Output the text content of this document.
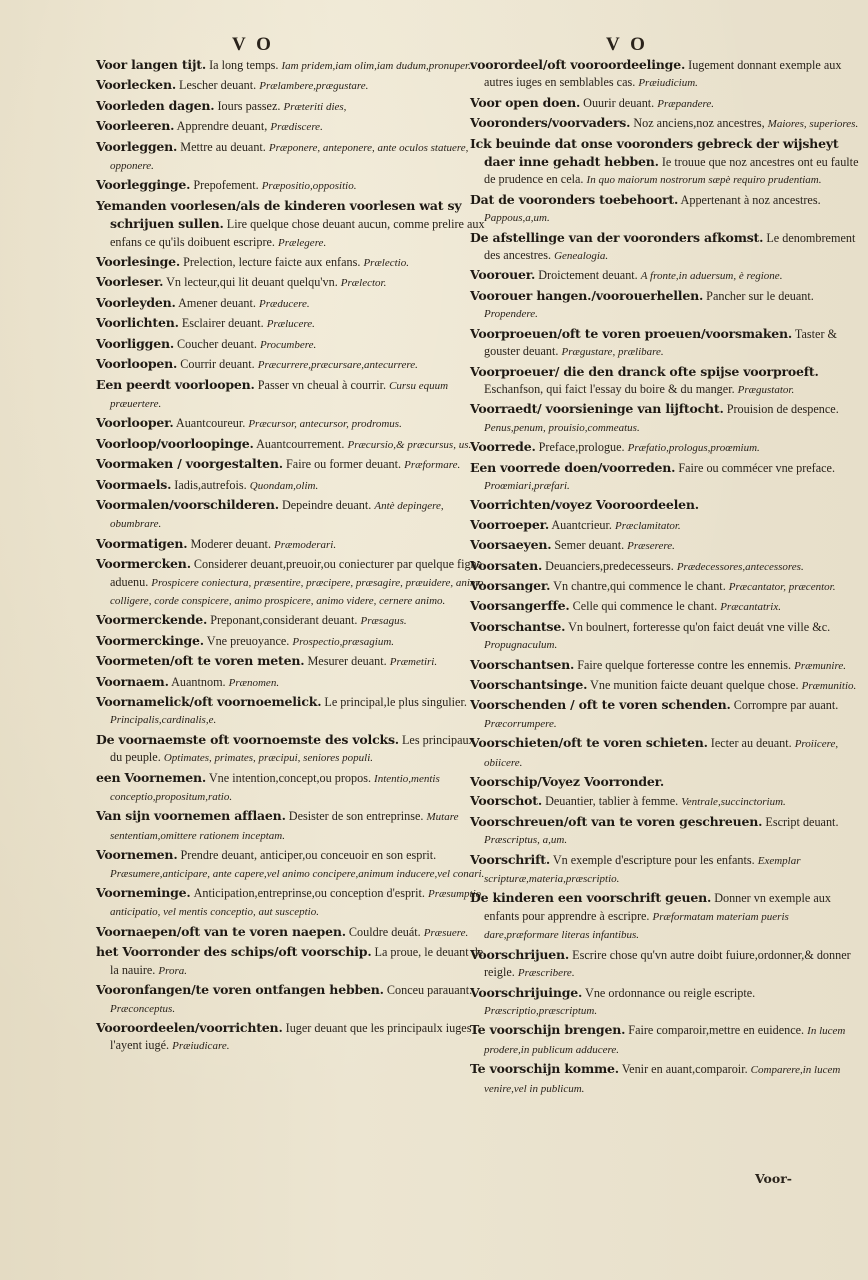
V O	V O
Voor langen tijt. Ia long temps. Iam pridem,iam olim,iam dudum,pronuper.
Voorlecken. Lescher deuant. Prælambere,prægustare.
Voorleden dagen. Iours passez. Præteriti dies,
Voorleeren. Apprendre deuant, Prædiscere.
Voorleggen. Mettre au deuant. Præponere, anteponere, ante oculos statuere, opponere.
Voorlegginge. Prepofement. Præpositio,oppositio.
Yemanden voorlesen/als de kinderen voorlesen wat sy schrijuen sullen. Lire quelque chose deuant aucun, comme prelire aux enfans ce qu'ils doibuent escripre. Prælegere.
Voorlesinge. Prelection, lecture faicte aux enfans. Prælectio.
Voorleser. Vn lecteur,qui lit deuant quelqu'vn. Prælector.
Voorleyden. Amener deuant. Præducere.
Voorlichten. Esclairer deuant. Prælucere.
Voorliggen. Coucher deuant. Procumbere.
Voorloopen. Courrir deuant. Præcurrere,præcursare,antecurrere.
Een peerdt voorloopen. Passer vn cheual à courrir. Cursu equum præuertere.
Voorlooper. Auantcoureur. Præcursor, antecursor, prodromus.
Voorloop/voorloopinge. Auantcourrement. Præcursio,& præcursus, us.
Voormaken / voorgestalten. Faire ou former deuant. Præformare.
Voormaels. Iadis,autrefois. Quondam,olim.
Voormalen/voorschilderen. Depeindre deuant. Antè depingere, obumbrare.
Voormatigen. Moderer deuant. Præmoderari.
Voormercken. Considerer deuant,preuoir,ou coniecturer par quelque figne aduenu. Prospicere coniecturа, præsentire, præcipere, præsagire, præuidere, animo colligere, corde conspicere, animo prospicere, animo videre, cernere animo.
Voormerckende. Preponant,considerant deuant. Præsagus.
Voormerckinge. Vne preuoyance. Prospectio,præsagium.
Voormeten/oft te voren meten. Mesurer deuant. Præmetiri.
Voornaem. Auantnom. Prænomen.
Voornamelick/oft voornoemelick. Le principal,le plus singulier. Principalis,cardinalis,e.
De voornaemste oft voornoemste des volcks. Les principaux du peuple. Optimates, primates, præcipui, seniores populi.
een Voornemen. Vne intention,concept,ou propos. Intentio,mentis conceptio,propositum,ratio.
Van sijn voornemen afflaen. Desister de son entreprinse. Mutare sententiam,omittere rationem inceptam.
Voornemen. Prendre deuant, anticiper,ou conceuoir en son esprit. Præsumere,anticipare, ante capere,vel animo concipere,animum inducere,vel conari.
Voornemingе. Anticipation,entreprinse,ou conception d'esprit. Præsumptio, anticipatio, vel mentis conceptio, aut susceptio.
Voornaepen/oft van te voren naepen. Couldre deuát. Præsuere.
het Voorronder des schips/oft voorschip. La proue, le deuant de la nauire. Prora.
Vooronfangen/te voren ontfangen hebben. Conceu parauant. Præconceptus.
Vooroordeelen/voorrichten. Iuger deuant que les principaulx iuges l'ayent iugé. Præiudicare.
voorordeel/oft vooroordeelinge. Iugement donnant exemple aux autres iuges en semblables cas. Præiudicium.
Voor open doen. Ouurir deuant. Præpandere.
Vooronders/voorvaders. Noz anciens,noz ancestres, Maiores, superiores.
Ick beuinde dat onse vooronders gebreck der wijsheyt daer inne gehadt hebben. Ie trouue que noz ancestres ont eu faulte de prudence en cela. In quo maiorum nostrorum sæpè requiro prudentiam.
Dat de vooronders toebehoort. Appertenant à noz ancestres. Pappous,a,um.
De afstellinge van der vooronders afkomst. Le denombrement des ancestres. Genealogia.
Voorouer. Droictement deuant. A fronte,in aduersum, è regione.
Voorouer hangen./voorouerhellen. Pancher sur le deuant. Propendere.
Voorproeuen/oft te voren proeuen/voorsmaken. Taster & gouster deuant. Prægustare, prælibare.
Voorproeuer/ die den dranck ofte spijse voorproeft. Eschanfson, qui faict l'essay du boire & du manger. Prægustator.
Voorraedt/ voorsieninge van lijftocht. Prouision de despence. Penus,penum, prouisio,commeatus.
Voorrede. Preface,prologue. Præfatio,prologus,proœmium.
Een voorrede doen/voorreden. Faire ou commécer vne preface. Proœmiari,præfari.
Voorrichten/voyez Vooroordeelen.
Voorroeper. Auantcrieur. Præclamitator.
Voorsaeyen. Semer deuant. Præserere.
Voorsaten. Deuanciers,predecesseurs. Prædecessores,antecessores.
Voorsanger. Vn chantre,qui commence le chant. Præcantator, præcentor.
Voorsangerffe. Celle qui commence le chant. Præcantatrix.
Voorschantse. Vn boulnert, forteresse qu'on faict deuát vne ville &c. Propugnaculum.
Voorschantsen. Faire quelque forteresse contre les ennemis. Præmunire.
Voorschantsinge. Vne munition faicte deuant quelque chose. Præmunitio.
Voorschenden / oft te voren schenden. Corrompre par auant. Præcorrumpere.
Voorschieten/oft te voren schieten. Iecter au deuant. Proiicere, obiicere.
Voorschip/Voyez Voorronder.
Voorschot. Deuantier, tablier à femme. Ventrale,succinctorium.
Voorschreuen/oft van te voren geschreuen. Escript deuant. Præscriptus, a,um.
Voorschrift. Vn exemple d'escripture pour les enfants. Exemplar scripturæ,materia,præscriptio.
De kinderen een voorschrift geuen. Donner vn exemple aux enfants pour apprendre à escripre. Præformatam materiam pueris dare,præformare literas infantibus.
Voorschrijuen. Escrire chose qu'vn autre doibt fuiure,ordonner,& donner reigle. Præscribere.
Voorschrijuinge. Vne ordonnance ou reigle escripte. Præscriptio,præscriptum.
Te voorschijn brengen. Faire comparoir,mettre en euidence. In lucem prodere,in publicum adducere.
Te voorschijn komme. Venir en auant,comparoir. Comparere,in lucem venire,vel in publicum.
Voor-
